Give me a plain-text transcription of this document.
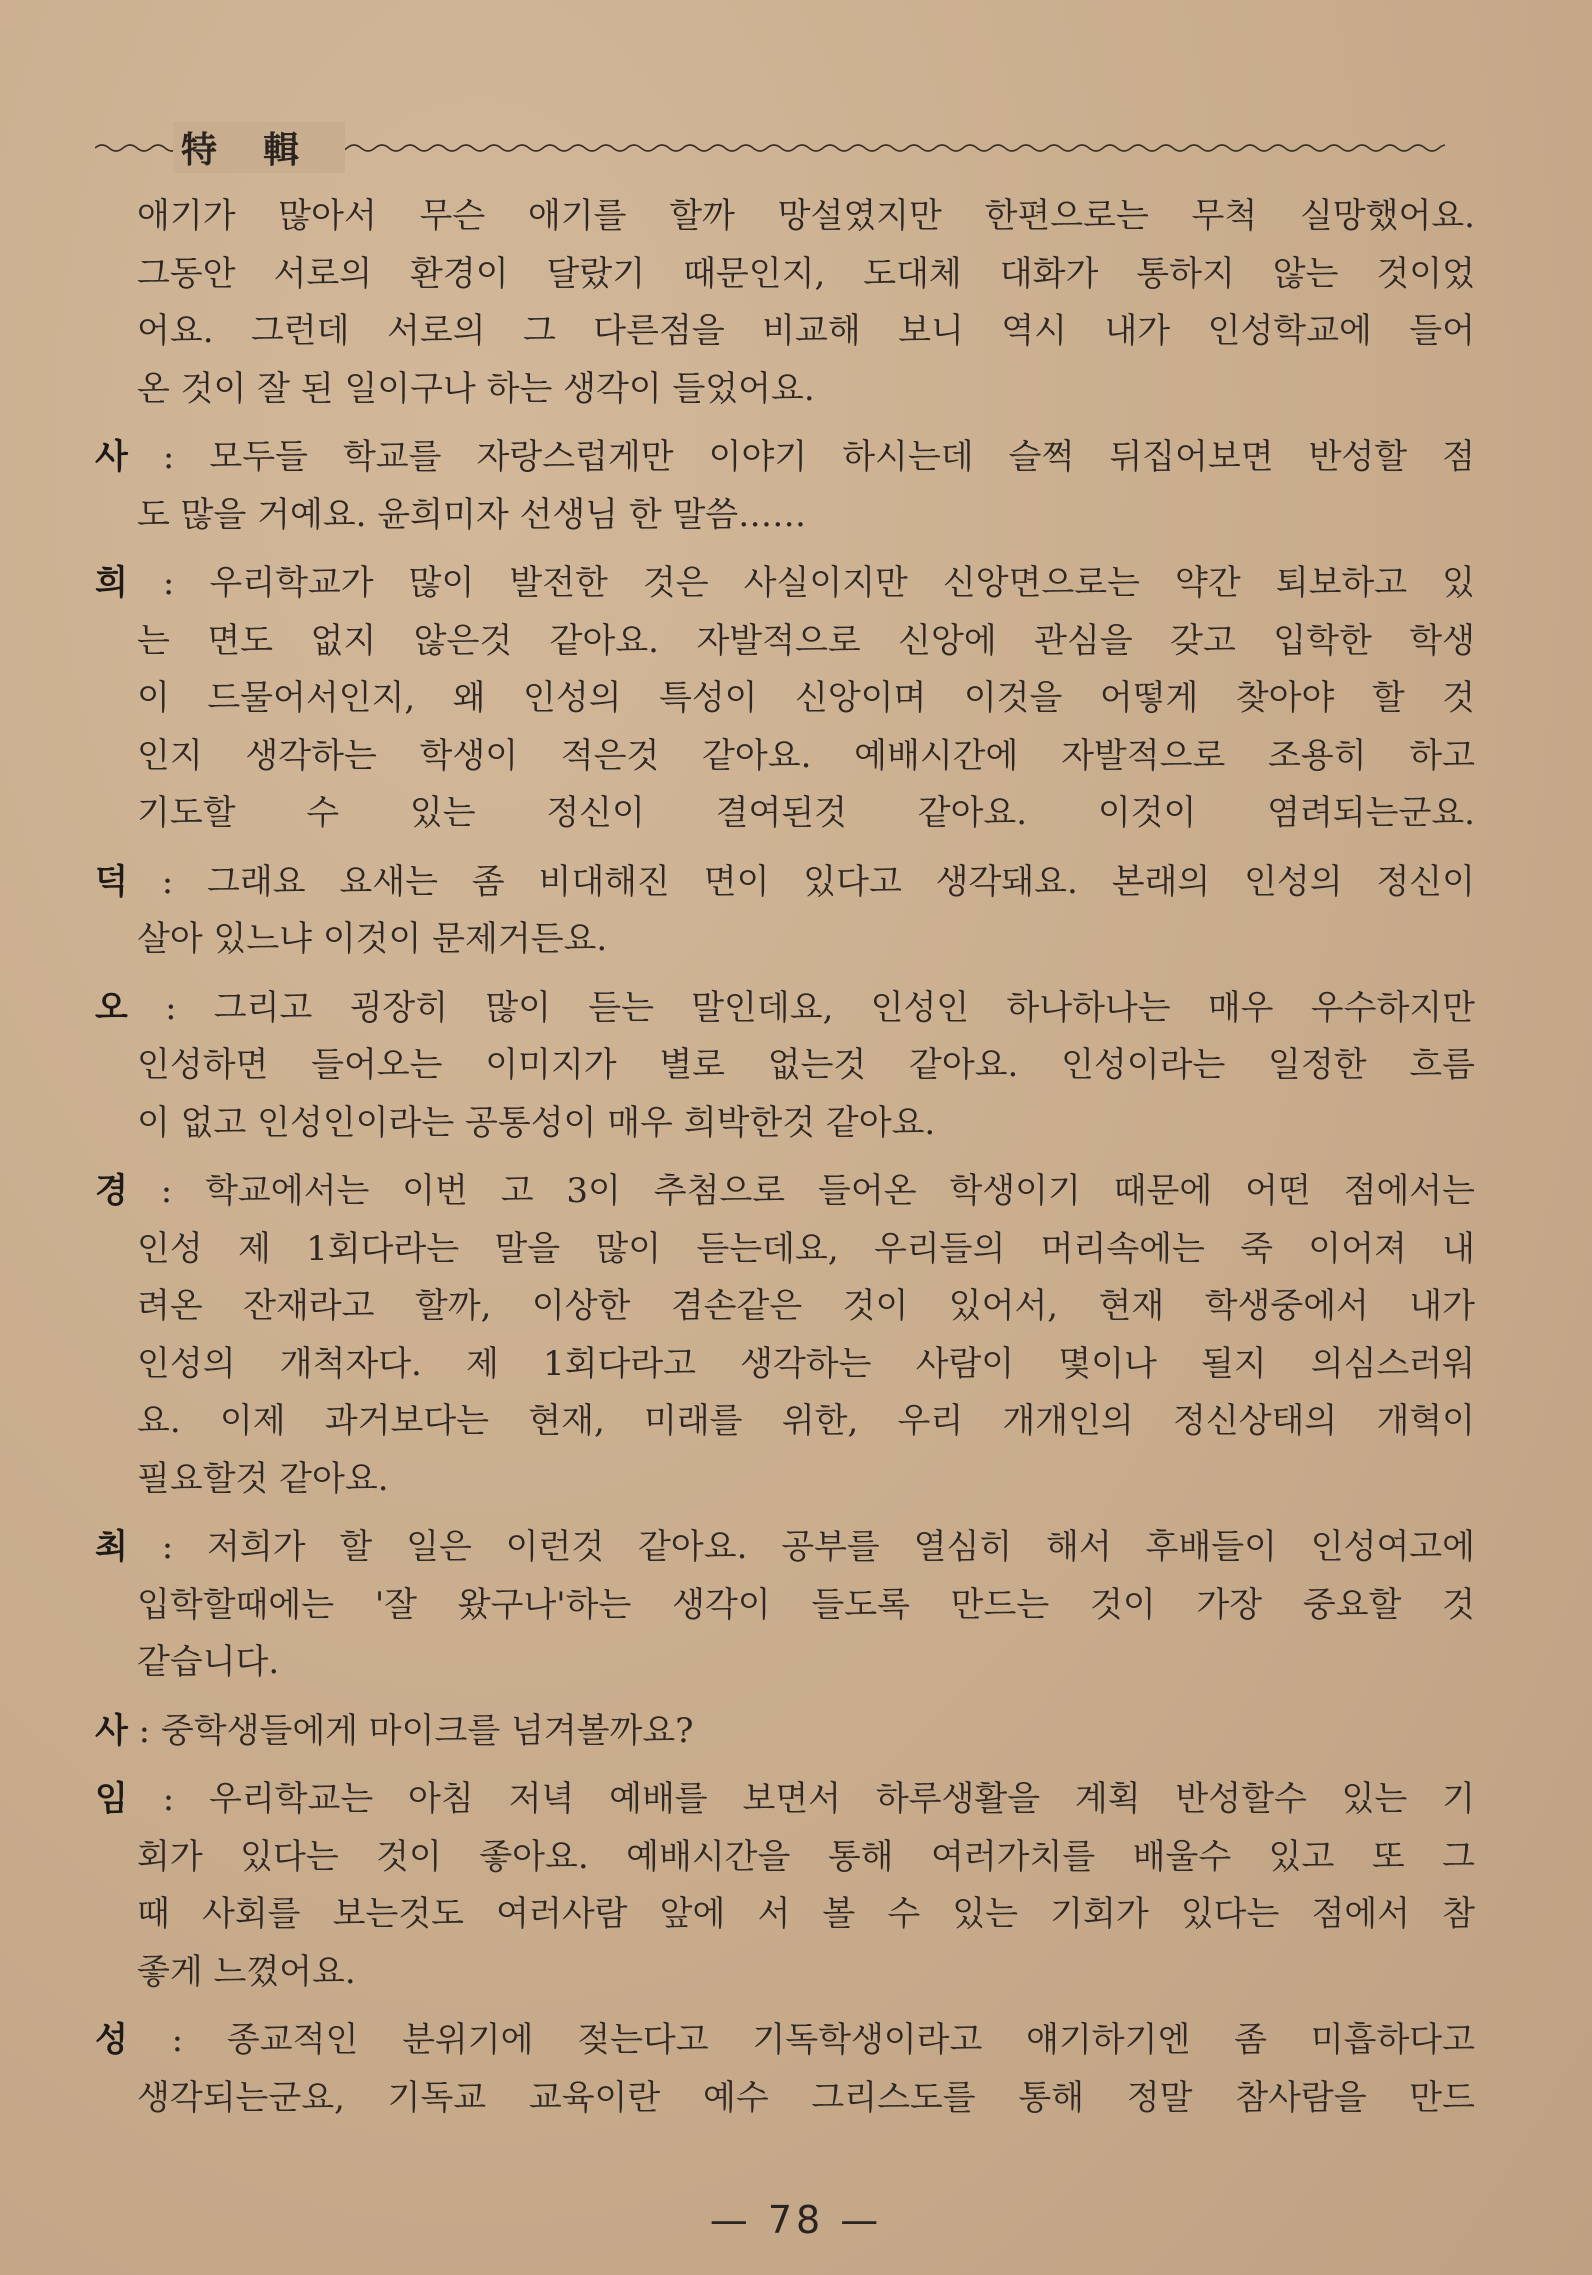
特輯
애기가 많아서 무슨 애기를 할까 망설였지만 한편으로는 무척 실망했어요.
그동안 서로의 환경이 달랐기 때문인지, 도대체 대화가 통하지 않는 것이었
어요. 그런데 서로의 그 다른점을 비교해 보니 역시 내가 인성학교에 들어
온 것이 잘 된 일이구나 하는 생각이 들었어요.
사 : 모두들 학교를 자랑스럽게만 이야기 하시는데 슬쩍 뒤집어보면 반성할 점
도 많을 거예요. 윤희미자 선생님 한 말씀……
희 : 우리학교가 많이 발전한 것은 사실이지만 신앙면으로는 약간 퇴보하고 있
는 면도 없지 않은것 같아요. 자발적으로 신앙에 관심을 갖고 입학한 학생
이 드물어서인지, 왜 인성의 특성이 신앙이며 이것을 어떻게 찾아야 할 것
인지 생각하는 학생이 적은것 같아요. 예배시간에 자발적으로 조용히 하고
기도할 수 있는 정신이 결여된것 같아요. 이것이 염려되는군요.
덕 : 그래요 요새는 좀 비대해진 면이 있다고 생각돼요. 본래의 인성의 정신이
살아 있느냐 이것이 문제거든요.
오 : 그리고 굉장히 많이 듣는 말인데요, 인성인 하나하나는 매우 우수하지만
인성하면 들어오는 이미지가 별로 없는것 같아요. 인성이라는 일정한 흐름
이 없고 인성인이라는 공통성이 매우 희박한것 같아요.
경 : 학교에서는 이번 고 3이 추첨으로 들어온 학생이기 때문에 어떤 점에서는
인성 제 1회다라는 말을 많이 듣는데요, 우리들의 머리속에는 죽 이어져 내
려온 잔재라고 할까, 이상한 겸손같은 것이 있어서, 현재 학생중에서 내가
인성의 개척자다. 제 1회다라고 생각하는 사람이 몇이나 될지 의심스러워
요. 이제 과거보다는 현재, 미래를 위한, 우리 개개인의 정신상태의 개혁이
필요할것 같아요.
최 : 저희가 할 일은 이런것 같아요. 공부를 열심히 해서 후배들이 인성여고에
입학할때에는 '잘 왔구나'하는 생각이 들도록 만드는 것이 가장 중요할 것
같습니다.
사 : 중학생들에게 마이크를 넘겨볼까요?
임 : 우리학교는 아침 저녁 예배를 보면서 하루생활을 계획 반성할수 있는 기
회가 있다는 것이 좋아요. 예배시간을 통해 여러가치를 배울수 있고 또 그
때 사회를 보는것도 여러사람 앞에 서 볼 수 있는 기회가 있다는 점에서 참
좋게 느꼈어요.
성 : 종교적인 분위기에 젖는다고 기독학생이라고 얘기하기엔 좀 미흡하다고
생각되는군요, 기독교 교육이란 예수 그리스도를 통해 정말 참사람을 만드
— 78 —
